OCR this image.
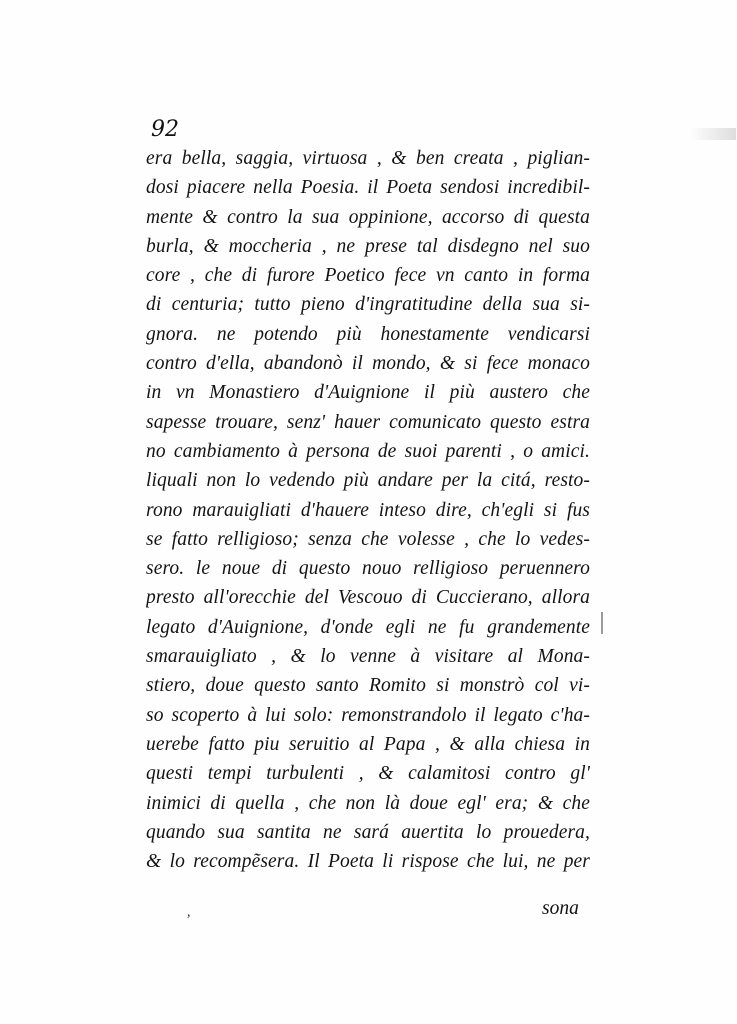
92
era bella, saggia, virtuosa , & ben creata , piglian-
dosi piacere nella Poesia. il Poeta sendosi incredibil-
mente & contro la sua oppinione, accorso di questa
burla, & moccheria , ne prese tal disdegno nel suo
core , che di furore Poetico fece vn canto in forma
di centuria; tutto pieno d'ingratitudine della sua si-
gnora. ne potendo più honestamente vendicarsi
contro d'ella, abandonò il mondo, & si fece monaco
in vn Monastiero d'Auignione il più austero che
sapesse trouare, senz' hauer comunicato questo estra
no cambiamento à persona de suoi parenti , o amici.
liquali non lo vedendo più andare per la citá, resto-
rono marauigliati d'hauere inteso dire, ch'egli si fus
se fatto relligioso; senza che volesse , che lo vedes-
sero. le noue di questo nouo relligioso peruennero
presto all'orecchie del Vescouo di Cuccierano, allora
legato d'Auignione, d'onde egli ne fu grandemente
smarauigliato , & lo venne à visitare al Mona-
stiero, doue questo santo Romito si monstrò col vi-
so scoperto à lui solo: remonstrandolo il legato c'ha-
uerebe fatto piu seruitio al Papa , & alla chiesa in
questi tempi turbulenti , & calamitosi contro gl'
inimici di quella , che non là doue egl' era; & che
quando sua santita ne sará auertita lo prouedera,
& lo recompẽsera. Il Poeta li rispose che lui, ne per
sona
,
